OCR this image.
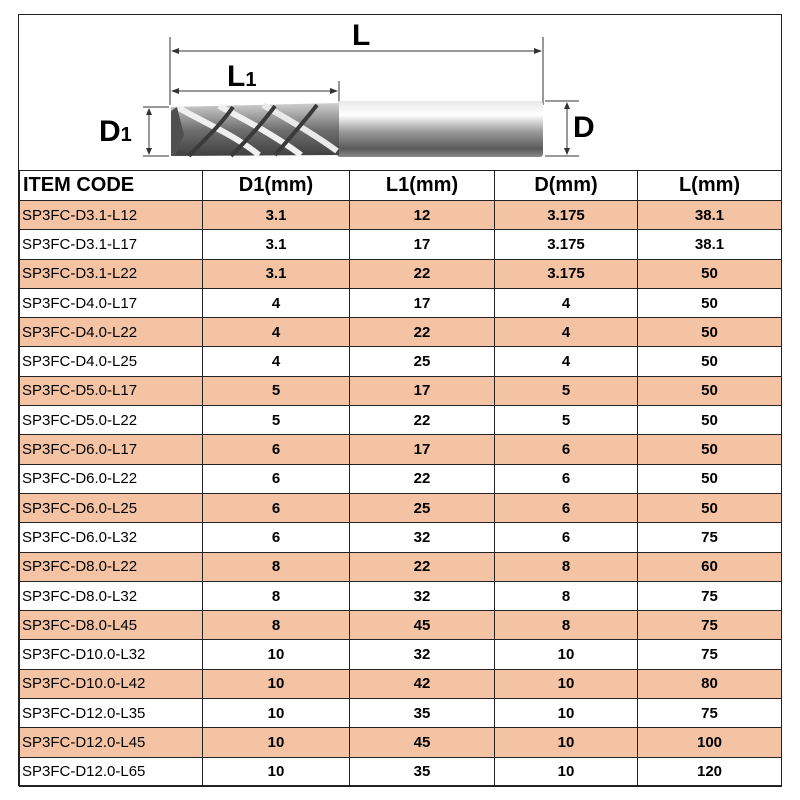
L
L1
D1	D
ITEM CODE	D1(mm)	L1(mm)	D(mm)	L(mm)
SP3FC-D3.1-L12	3.1	12	3.175	38.1
SP3FC-D3.1-L17	3.1	17	3.175	38.1
SP3FC-D3.1-L22	3.1	22	3.175	50
SP3FC-D4.0-L17	4	17	4	50
SP3FC-D4.0-L22	4	22	4	50
SP3FC-D4.0-L25	4	25	4	50
SP3FC-D5.0-L17	5	17	5	50
SP3FC-D5.0-L22	5	22	5	50
SP3FC-D6.0-L17	6	17	6	50
SP3FC-D6.0-L22	6	22	6	50
SP3FC-D6.0-L25	6	25	6	50
SP3FC-D6.0-L32	6	32	6	75
SP3FC-D8.0-L22	8	22	8	60
SP3FC-D8.0-L32	8	32	8	75
SP3FC-D8.0-L45	8	45	8	75
SP3FC-D10.0-L32	10	32	10	75
SP3FC-D10.0-L42	10	42	10	80
SP3FC-D12.0-L35	10	35	10	75
SP3FC-D12.0-L45	10	45	10	100
SP3FC-D12.0-L65	10	35	10	120
